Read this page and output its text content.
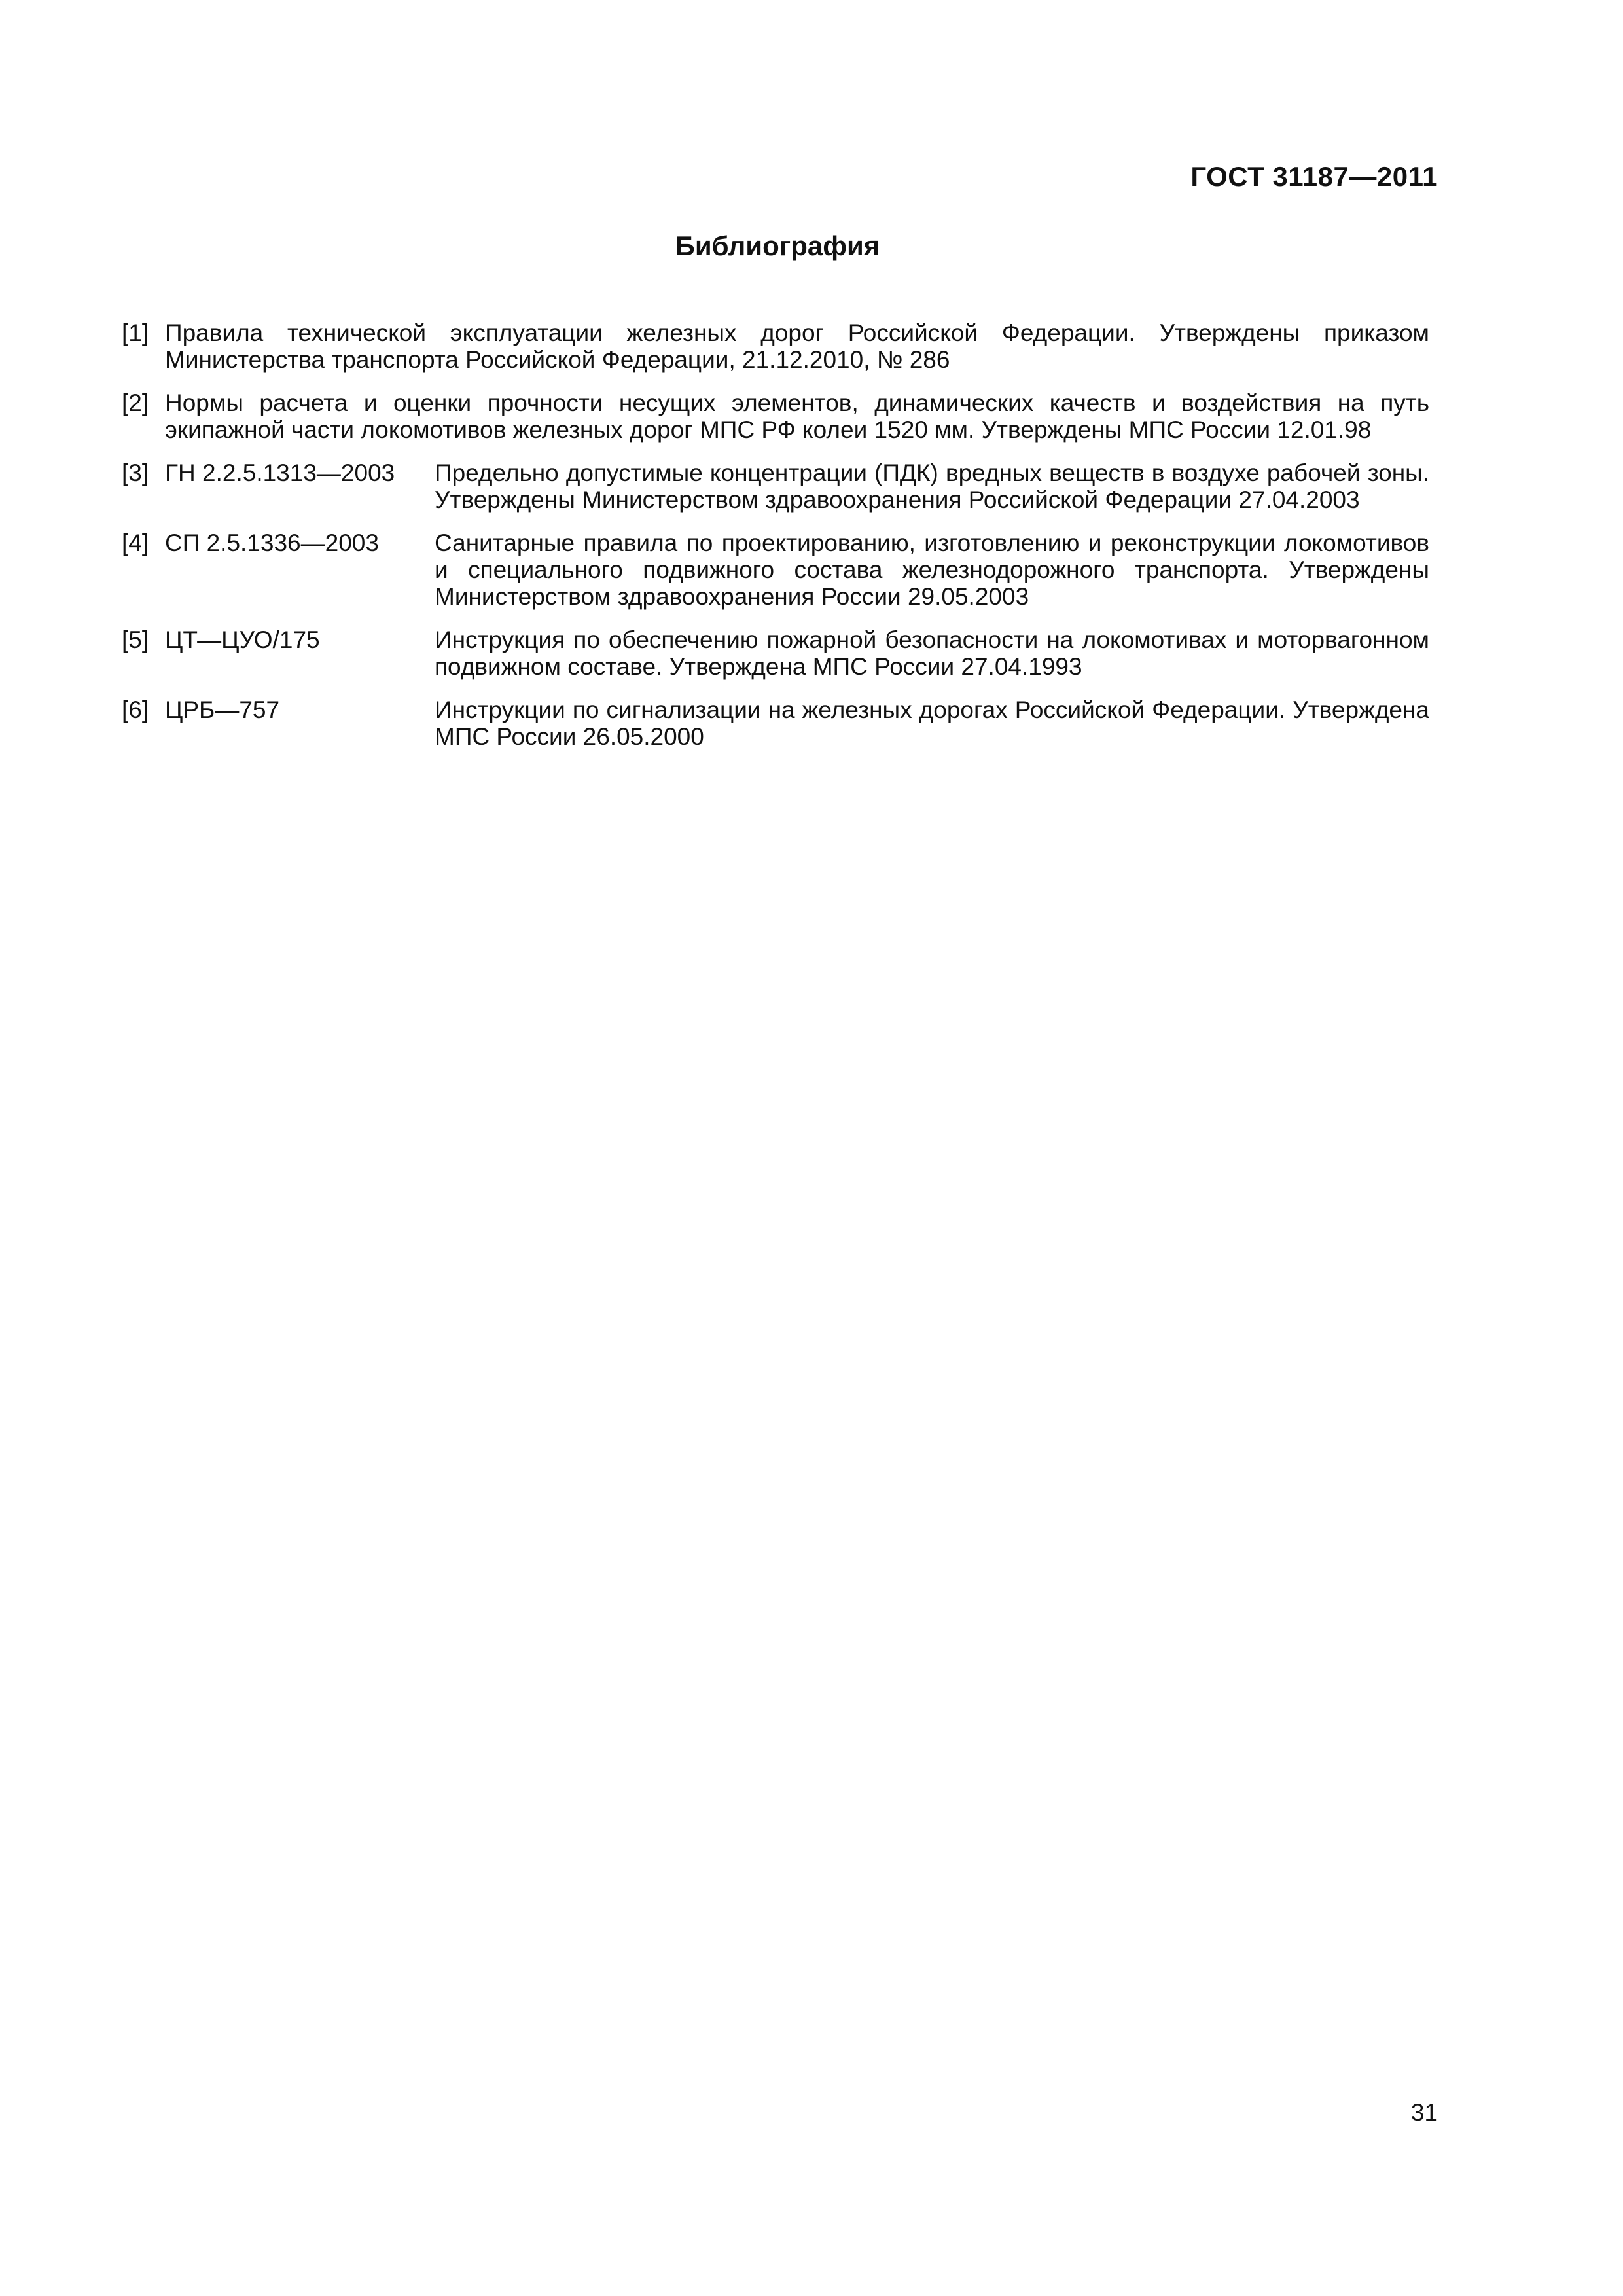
ГОСТ 31187—2011
Библиография
[1] Правила технической эксплуатации железных дорог Российской Федерации. Утверждены приказом Министерства транспорта Российской Федерации, 21.12.2010, № 286
[2] Нормы расчета и оценки прочности несущих элементов, динамических качеств и воздействия на путь экипажной части локомотивов железных дорог МПС РФ колеи 1520 мм. Утверждены МПС России 12.01.98
[3] ГН 2.2.5.1313—2003 Предельно допустимые концентрации (ПДК) вредных веществ в воздухе рабочей зоны. Утверждены Министерством здравоохранения Российской Федерации 27.04.2003
[4] СП 2.5.1336—2003 Санитарные правила по проектированию, изготовлению и реконструкции локомотивов и специального подвижного состава железнодорожного транспорта. Утверждены Министерством здравоохранения России 29.05.2003
[5] ЦТ—ЦУО/175	Инструкция по обеспечению пожарной безопасности на локомотивах и моторвагонном подвижном составе. Утверждена МПС России 27.04.1993
[6] ЦРБ—757	Инструкции по сигнализации на железных дорогах Российской Федерации. Утверждена МПС России 26.05.2000
31
